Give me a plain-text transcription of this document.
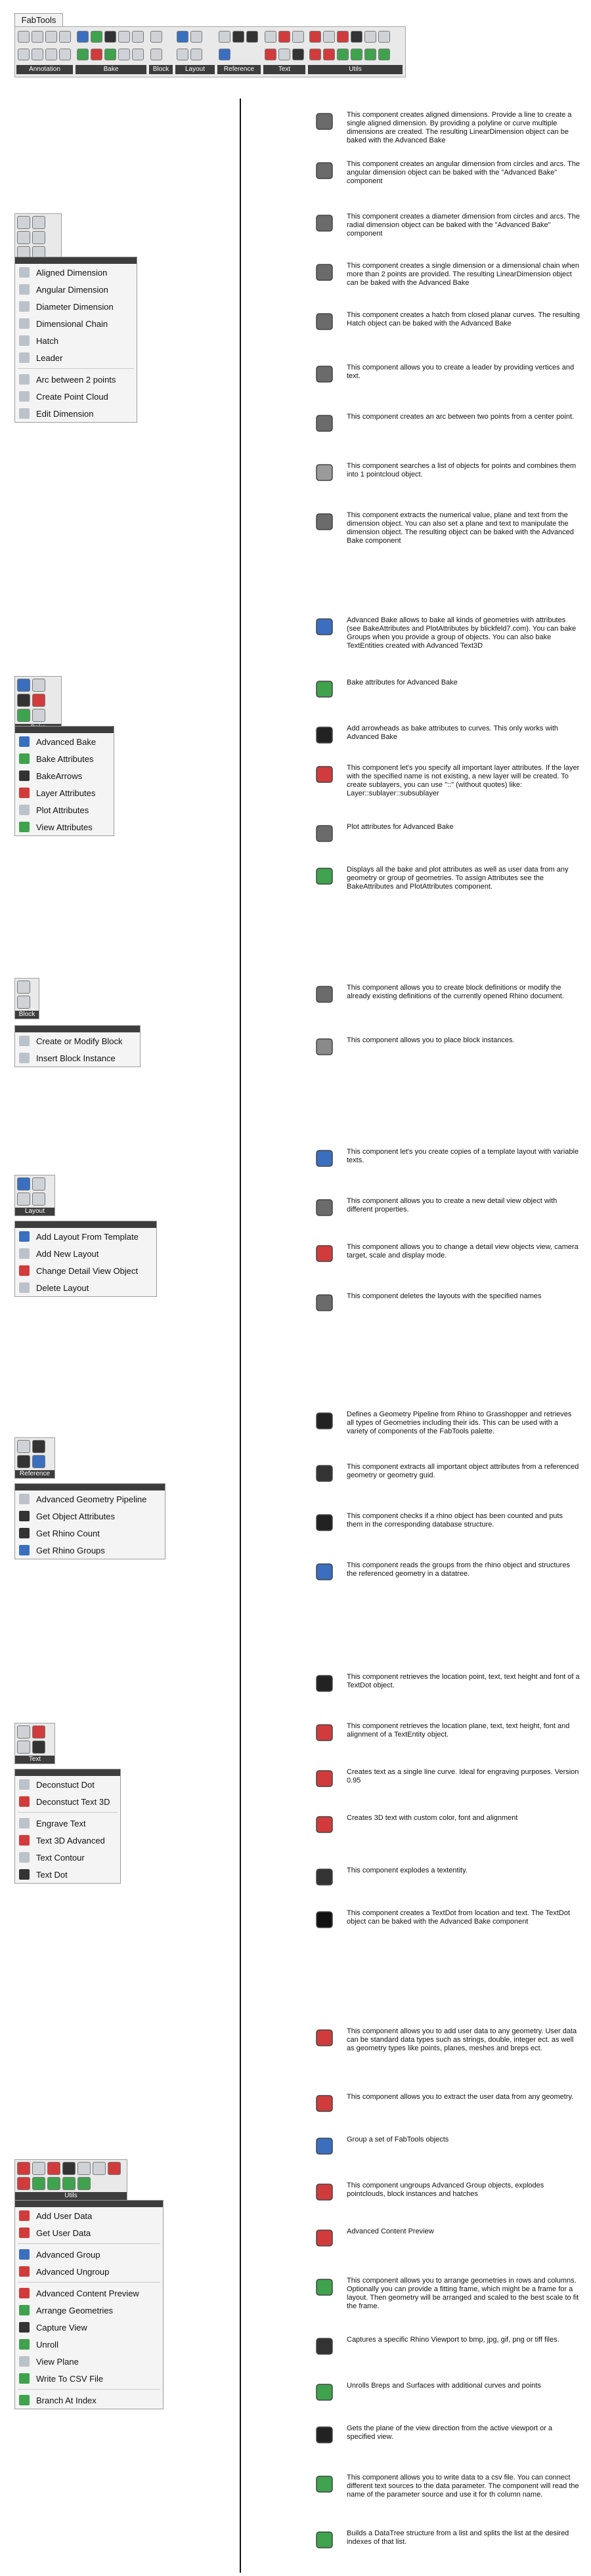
FabTools
Annotation	Bake	Block	Layout	Reference	Text	Utils
Aligned Dimension
Angular Dimension
Diameter Dimension
Dimensional Chain
Hatch
Leader
Arc between 2 points
Create Point Cloud
Edit Dimension
Advanced Bake
Bake Attributes
BakeArrows
Layer Attributes
Plot Attributes
View Attributes
Block
Create or Modify Block
Insert Block Instance
Layout
Add Layout From Template
Add New Layout
Change Detail View Object
Delete Layout
Reference
Advanced Geometry Pipeline
Get Object Attributes
Get Rhino Count
Get Rhino Groups
Text
Deconstuct Dot
Deconstuct Text 3D
Engrave Text
Text 3D Advanced
Text Contour
Text Dot
Utils
Add User Data
Get User Data
Advanced Group
Advanced Ungroup
Advanced Content Preview
Arrange Geometries
Capture View
Unroll
View Plane
Write To CSV File
Branch At Index
This component creates aligned dimensions. Provide a line to create a single aligned dimension. By providing a polyline or curve multiple dimensions are created. The resulting LinearDimension object can be baked with the Advanced Bake
This component creates an angular dimension from circles and arcs. The angular dimension object can be baked with the "Advanced Bake" component
This component creates a diameter dimension from circles and arcs. The radial dimension object can be baked with the "Advanced Bake" component
This component creates a single dimension or a dimensional chain when more than 2 points are provided. The resulting LinearDimension object can be baked with the Advanced Bake
This component creates a hatch from closed planar curves. The resulting Hatch object can be baked with the Advanced Bake
This component allows you to create a leader by providing vertices and text.
This component creates an arc between two points from a center point.
This component searches a list of objects for points and combines them into 1 pointcloud object.
This component extracts the numerical value, plane and text from the dimension object. You can also set a plane and text to manipulate the dimension object. The resulting object can be baked with the Advanced Bake component
Advanced Bake allows to bake all kinds of geometries with attributes (see BakeAttributes and PlotAttributes by blickfeld7.com). You can bake Groups when you provide a group of objects. You can also bake TextEntities created with Advanced Text3D
Bake attributes for Advanced Bake
Add arrowheads as bake attributes to curves. This only works with Advanced Bake
This component let's you specify all important layer attributes. If the layer with the specified name is not existing, a new layer will be created. To create sublayers, you can use "::" (without quotes) like: Layer::sublayer::subsublayer
Plot attributes for Advanced Bake
Displays all the bake and plot attributes as well as user data from any geometry or group of geometries. To assign Attributes see the BakeAttributes and PlotAttributes component.
This component allows you to create block definitions or modify the already existing definitions of the currently opened Rhino document.
This component allows you to place block instances.
This component let's you create copies of a template layout with variable texts.
This component allows you to create a new detail view object with different properties.
This component allows you to change a detail view objects view, camera target, scale and display mode.
This component deletes the layouts with the specified names
Defines a Geometry Pipeline from Rhino to Grasshopper and retrieves all types of Geometries including their ids. This can be used with a variety of components of the FabTools palette.
This component extracts all important object attributes from a referenced geometry or geometry guid.
This component checks if a rhino object has been counted and puts them in the corresponding database structure.
This component reads the groups from the rhino object and structures the referenced geometry in a datatree.
This component retrieves the location point, text, text height and font of a TextDot object.
This component retrieves the location plane, text, text height, font and alignment of a TextEntity object.
Creates text as a single line curve. Ideal for engraving purposes. Version 0.95
Creates 3D text with custom color, font and alignment
This component explodes a textentity.
This component creates a TextDot from location and text. The TextDot object can be baked with the Advanced Bake component
This component allows you to add user data to any geometry. User data can be standard data types such as strings, double, integer ect. as well as geometry types like points, planes, meshes and breps ect.
This component allows you to extract the user data from any geometry.
Group a set of FabTools objects
This component ungroups Advanced Group objects, explodes pointclouds, block instances and hatches
Advanced Content Preview
This component allows you to arrange geometries in rows and columns. Optionally you can provide a fitting frame, which might be a frame for a layout. Then geometry will be arranged and scaled to the best scale to fit the frame.
Captures a specific Rhino Viewport to bmp, jpg, gif, png or tiff files.
Unrolls Breps and Surfaces with additional curves and points
Gets the plane of the view direction from the active viewport or a specified view.
This component allows you to write data to a csv file. You can connect different text sources to the data parameter. The component will read the name of the parameter source and use it for th column name.
Builds a DataTree structure from a list and splits the list at the desired indexes of that list.
